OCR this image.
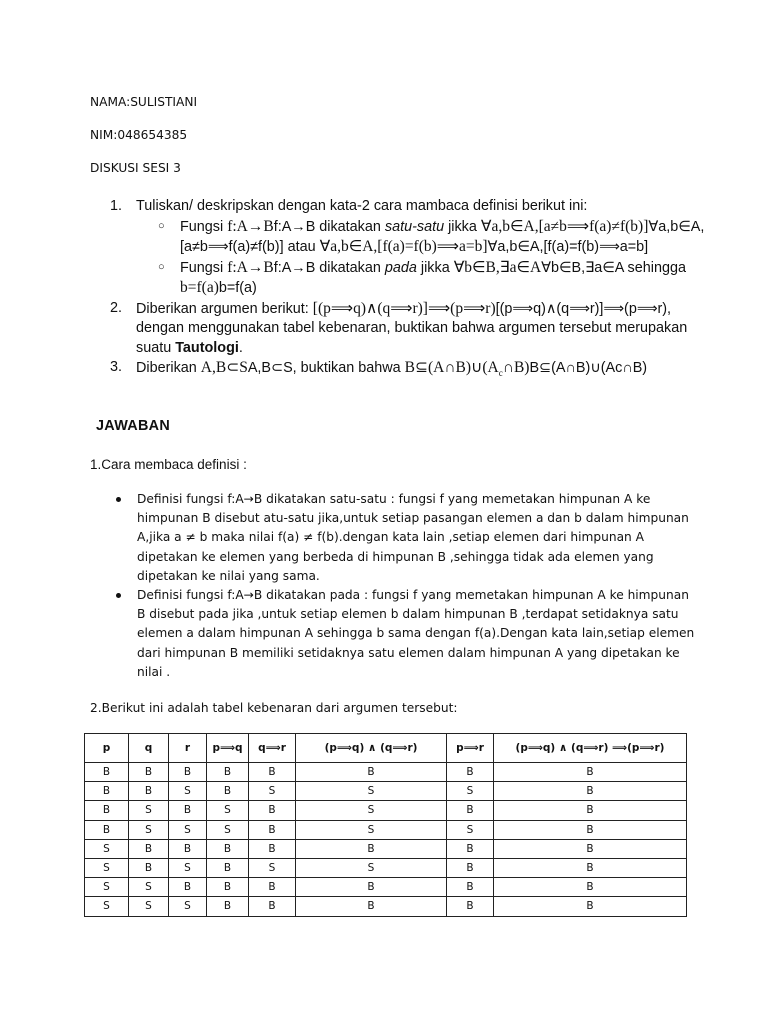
NAMA:SULISTIANI
NIM:048654385
DISKUSI SESI 3
1. Tuliskan/ deskripskan dengan kata-2 cara mambaca definisi berikut ini:
○ Fungsi f:A→Bf:A→B dikatakan satu-satu jikka ∀a,b∈A,[a≠b⟹f(a)≠f(b)]∀a,b∈A,[a≠b⟹f(a)≠f(b)] atau ∀a,b∈A,[f(a)=f(b)⟹a=b]∀a,b∈A,[f(a)=f(b)⟹a=b]
○ Fungsi f:A→Bf:A→B dikatakan pada jikka ∀b∈B,∃a∈A∀b∈B,∃a∈A sehingga b=f(a)b=f(a)
2. Diberikan argumen berikut: [(p⟹q)∧(q⟹r)]⟹(p⟹r)[(p⟹q)∧(q⟹r)]⟹(p⟹r), dengan menggunakan tabel kebenaran, buktikan bahwa argumen tersebut merupakan suatu Tautologi.
3. Diberikan A,B⊂SA,B⊂S, buktikan bahwa $B⊆(A\cap B)\cup(A_c\cap B)B⊆(A\cap B)\cup(Ac\cap B)$
JAWABAN
1.Cara membaca definisi :
Definisi fungsi f:A→B dikatakan satu-satu : fungsi f yang memetakan himpunan A ke himpunan B disebut atu-satu jika,untuk setiap pasangan elemen a dan b dalam himpunan A,jika a ≠ b maka nilai f(a) ≠ f(b).dengan kata lain ,setiap elemen dari himpunan A dipetakan ke elemen yang berbeda di himpunan B ,sehingga tidak ada elemen yang dipetakan ke nilai yang sama.
Definisi fungsi f:A→B dikatakan pada : fungsi f yang memetakan himpunan A ke himpunan B disebut pada jika ,untuk setiap elemen b dalam himpunan B ,terdapat setidaknya satu elemen a dalam himpunan A sehingga b sama dengan f(a).Dengan kata lain,setiap elemen dari himpunan B memiliki setidaknya satu elemen dalam himpunan A yang dipetakan ke nilai .
2.Berikut ini adalah tabel kebenaran dari argumen tersebut:
p	q	r	p⟹q	q⟹r	(p⟹q) ∧ (q⟹r)	p⟹r	(p⟹q) ∧ (q⟹r) ⟹(p⟹r)
B	B	B	B	B	B	B	B
B	B	S	B	S	S	S	B
B	S	B	S	B	S	B	B
B	S	S	S	B	S	S	B
S	B	B	B	B	B	B	B
S	B	S	B	S	S	B	B
S	S	B	B	B	B	B	B
S	S	S	B	B	B	B	B
